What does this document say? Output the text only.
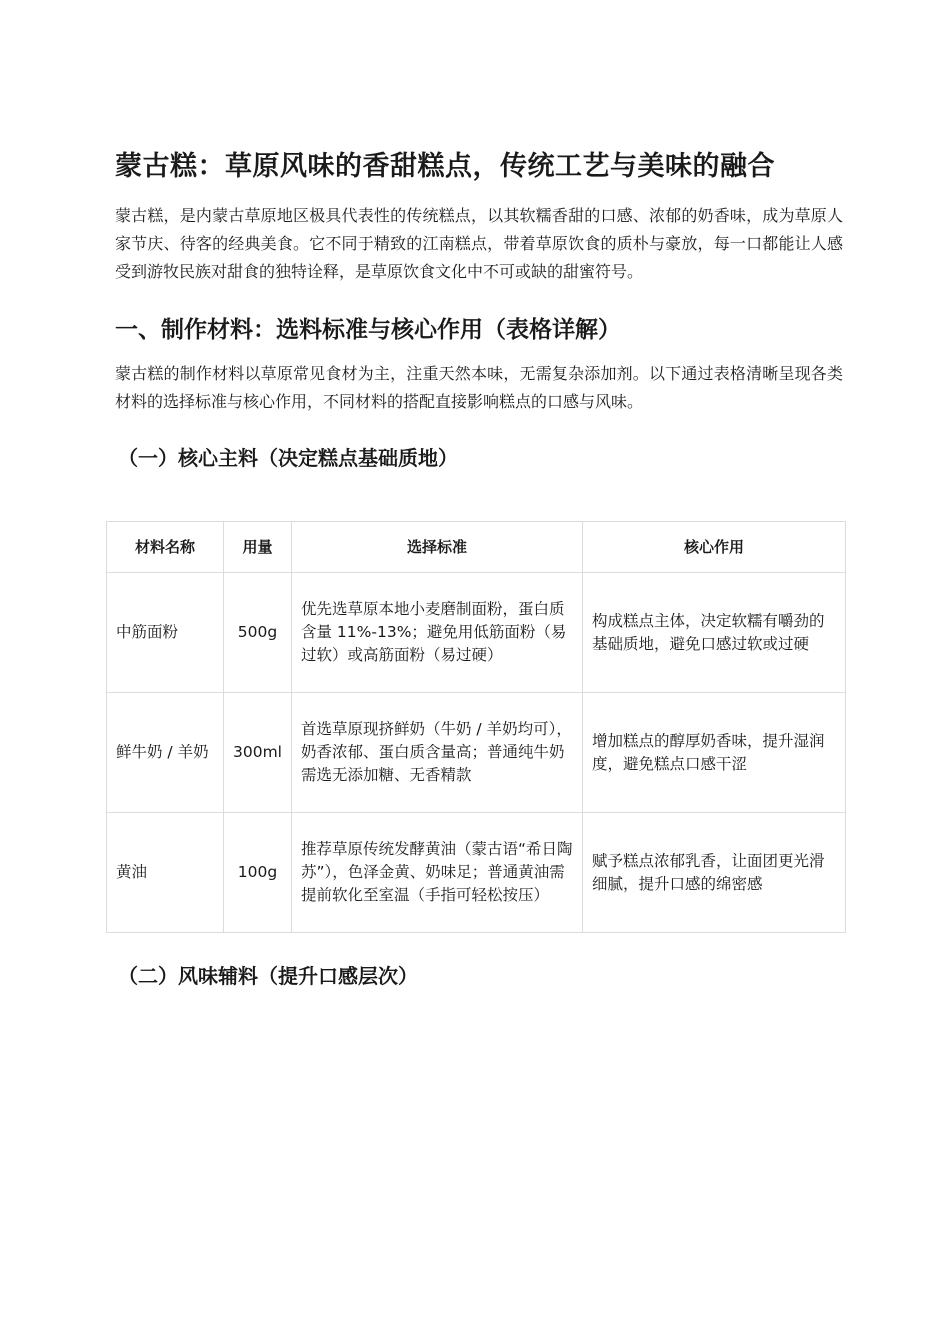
蒙古糕：草原风味的香甜糕点，传统工艺与美味的融合

蒙古糕，是内蒙古草原地区极具代表性的传统糕点，以其软糯香甜的口感、浓郁的奶香味，成为草原人家节庆、待客的经典美食。它不同于精致的江南糕点，带着草原饮食的质朴与豪放，每一口都能让人感受到游牧民族对甜食的独特诠释，是草原饮食文化中不可或缺的甜蜜符号。

一、制作材料：选料标准与核心作用（表格详解）

蒙古糕的制作材料以草原常见食材为主，注重天然本味，无需复杂添加剂。以下通过表格清晰呈现各类材料的选择标准与核心作用，不同材料的搭配直接影响糕点的口感与风味。

（一）核心主料（决定糕点基础质地）
材料名称	用量	选择标准	核心作用
中筋面粉	500g	优先选草原本地小麦磨制面粉，蛋白质含量 11%-13%；避免用低筋面粉（易过软）或高筋面粉（易过硬）	构成糕点主体，决定软糯有嚼劲的基础质地，避免口感过软或过硬
鲜牛奶 / 羊奶	300ml	首选草原现挤鲜奶（牛奶 / 羊奶均可），奶香浓郁、蛋白质含量高；普通纯牛奶需选无添加糖、无香精款	增加糕点的醇厚奶香味，提升湿润度，避免糕点口感干涩
黄油	100g	推荐草原传统发酵黄油（蒙古语“希日陶苏”），色泽金黄、奶味足；普通黄油需提前软化至室温（手指可轻松按压）	赋予糕点浓郁乳香，让面团更光滑细腻，提升口感的绵密感
（二）风味辅料（提升口感层次）
